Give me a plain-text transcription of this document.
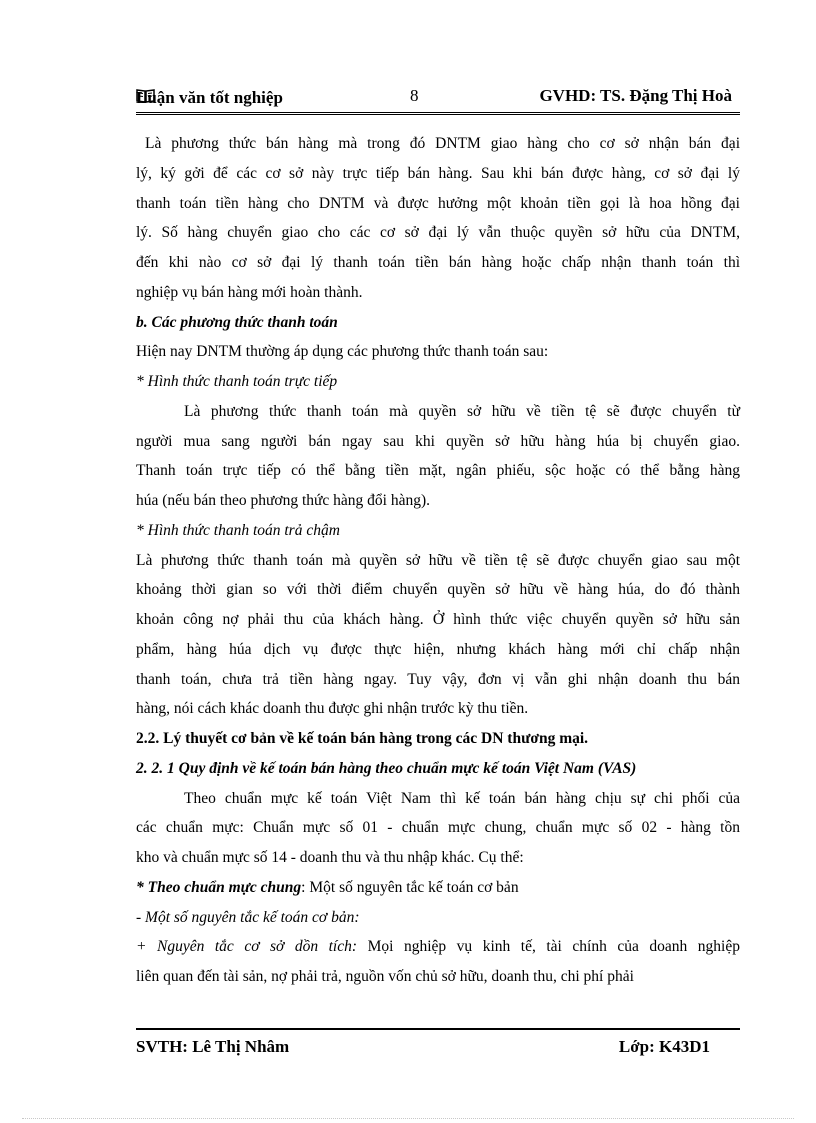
Luận văn tốt nghiệp	8	GVHD: TS. Đặng Thị Hoà

Là phương thức bán hàng mà trong đó DNTM giao hàng cho cơ sở nhận bán đại

lý, ký gởi để các cơ sở này trực tiếp bán hàng. Sau khi bán được hàng, cơ sở đại lý

thanh toán tiền hàng cho DNTM và được hưởng một khoản tiền gọi là hoa hồng đại

lý. Số hàng chuyển giao cho các cơ sở đại lý vẫn thuộc quyền sở hữu của DNTM,

đến khi nào cơ sở đại lý thanh toán tiền bán hàng hoặc chấp nhận thanh toán thì

nghiệp vụ bán hàng mới hoàn thành.

b. Các phương thức thanh toán

Hiện nay DNTM thường áp dụng các phương thức thanh toán sau:

* Hình thức thanh toán trực tiếp

Là phương thức thanh toán mà quyền sở hữu về tiền tệ sẽ được chuyển từ

người mua sang người bán ngay sau khi quyền sở hữu hàng húa bị chuyển giao.

Thanh toán trực tiếp có thể bằng tiền mặt, ngân phiếu, sộc hoặc có thể bằng hàng

húa (nếu bán theo phương thức hàng đổi hàng).

* Hình thức thanh toán trả chậm

Là phương thức thanh toán mà quyền sở hữu về tiền tệ sẽ được chuyển giao sau một

khoảng thời gian so với thời điểm chuyển quyền sở hữu về hàng húa, do đó thành

khoản công nợ phải thu của khách hàng. Ở hình thức việc chuyển quyền sở hữu sản

phẩm, hàng húa dịch vụ được thực hiện, nhưng khách hàng mới chỉ chấp nhận

thanh toán, chưa trả tiền hàng ngay. Tuy vậy, đơn vị vẫn ghi nhận doanh thu bán

hàng, nói cách khác doanh thu được ghi nhận trước kỳ thu tiền.

2.2. Lý thuyết cơ bản về kế toán bán hàng trong các DN thương mại.

2. 2. 1 Quy định về kế toán bán hàng theo chuẩn mực kế toán Việt Nam (VAS)

Theo chuẩn mực kế toán Việt Nam thì kế toán bán hàng chịu sự chi phối của

các chuẩn mực: Chuẩn mực số 01 - chuẩn mực chung, chuẩn mực số 02 - hàng tồn

kho và chuẩn mực số 14 - doanh thu và thu nhập khác. Cụ thể:

* Theo chuẩn mực chung: Một số nguyên tắc kế toán cơ bản

- Một số nguyên tắc kế toán cơ bản:

+ Nguyên tắc cơ sở dồn tích: Mọi nghiệp vụ kinh tế, tài chính của doanh nghiệp

liên quan đến tài sản, nợ phải trả, nguồn vốn chủ sở hữu, doanh thu, chi phí phải

SVTH: Lê Thị Nhâm	Lớp: K43D1
